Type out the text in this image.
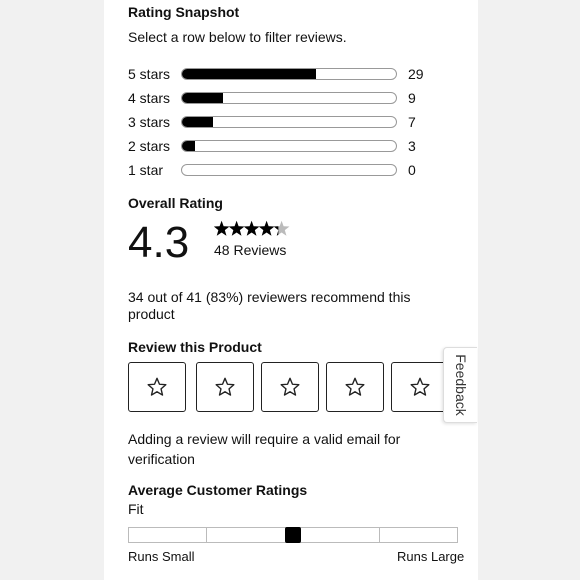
Rating Snapshot
Select a row below to filter reviews.
5 stars	29
4 stars	9
3 stars	7
2 stars	3
1 star	0
Overall Rating
4.3 48 Reviews
34 out of 41 (83%) reviewers recommend this
product
Review this Product
Feedback
Adding a review will require a valid email for
verification
Average Customer Ratings
Fit
Runs Small	Runs Large
